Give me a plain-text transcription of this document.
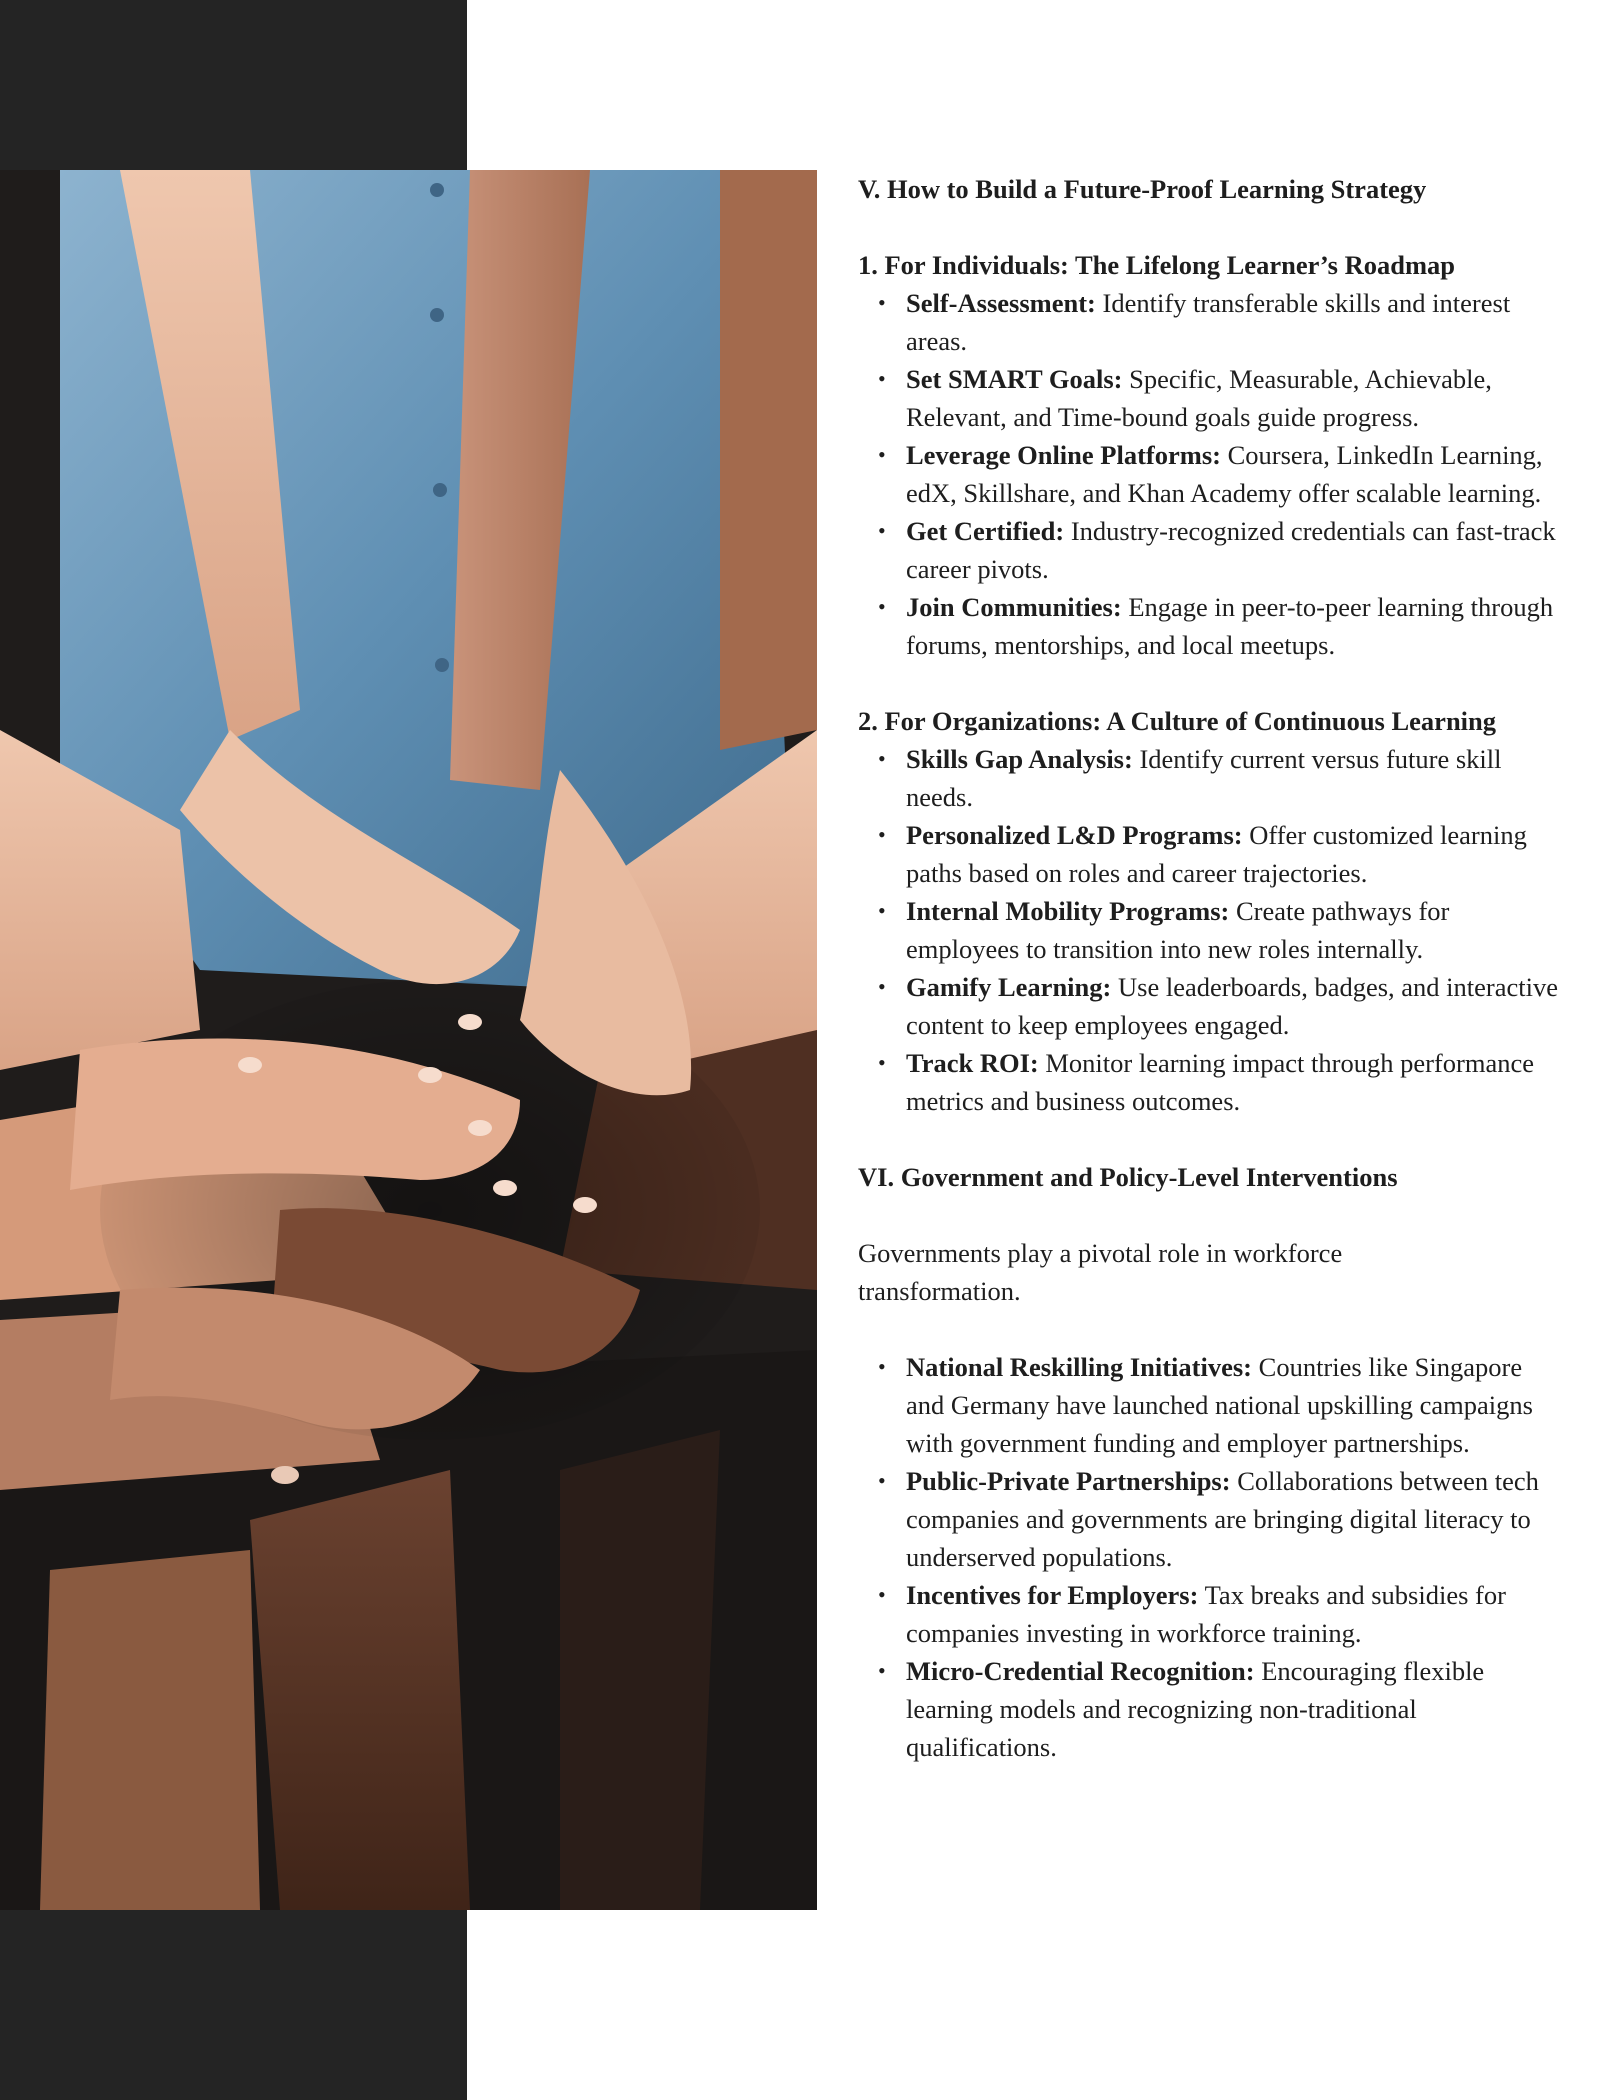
V. How to Build a Future-Proof Learning Strategy
1. For Individuals: The Lifelong Learner’s Roadmap
• Self-Assessment: Identify transferable skills and interest areas.
• Set SMART Goals: Specific, Measurable, Achievable, Relevant, and Time-bound goals guide progress.
• Leverage Online Platforms: Coursera, LinkedIn Learning, edX, Skillshare, and Khan Academy offer scalable learning.
• Get Certified: Industry-recognized credentials can fast-track career pivots.
• Join Communities: Engage in peer-to-peer learning through forums, mentorships, and local meetups.
2. For Organizations: A Culture of Continuous Learning
• Skills Gap Analysis: Identify current versus future skill needs.
• Personalized L&D Programs: Offer customized learning paths based on roles and career trajectories.
• Internal Mobility Programs: Create pathways for employees to transition into new roles internally.
• Gamify Learning: Use leaderboards, badges, and interactive content to keep employees engaged.
• Track ROI: Monitor learning impact through performance metrics and business outcomes.
VI. Government and Policy-Level Interventions

Governments play a pivotal role in workforce transformation.

• National Reskilling Initiatives: Countries like Singapore and Germany have launched national upskilling campaigns with government funding and employer partnerships.
• Public-Private Partnerships: Collaborations between tech companies and governments are bringing digital literacy to underserved populations.
• Incentives for Employers: Tax breaks and subsidies for companies investing in workforce training.
• Micro-Credential Recognition: Encouraging flexible learning models and recognizing non-traditional qualifications.
